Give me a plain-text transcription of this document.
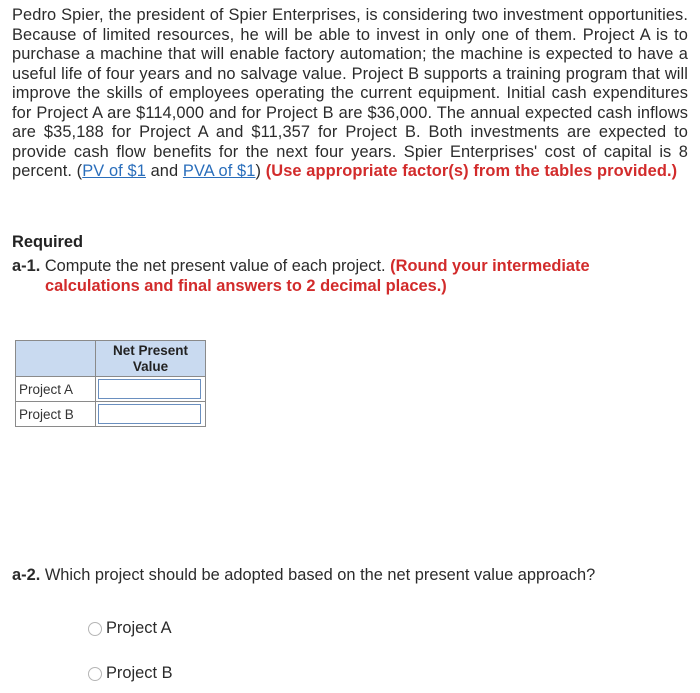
Pedro Spier, the president of Spier Enterprises, is considering two investment opportunities. Because of limited resources, he will be able to invest in only one of them. Project A is to purchase a machine that will enable factory automation; the machine is expected to have a useful life of four years and no salvage value. Project B supports a training program that will improve the skills of employees operating the current equipment. Initial cash expenditures for Project A are $114,000 and for Project B are $36,000. The annual expected cash inflows are $35,188 for Project A and $11,357 for Project B. Both investments are expected to provide cash flow benefits for the next four years. Spier Enterprises' cost of capital is 8 percent. (PV of $1 and PVA of $1) (Use appropriate factor(s) from the tables provided.)
Required
a-1. Compute the net present value of each project. (Round your intermediate
calculations and final answers to 2 decimal places.)
	Net Present Value
Project A	

Project B	
a-2. Which project should be adopted based on the net present value approach?
Project A
Project B
